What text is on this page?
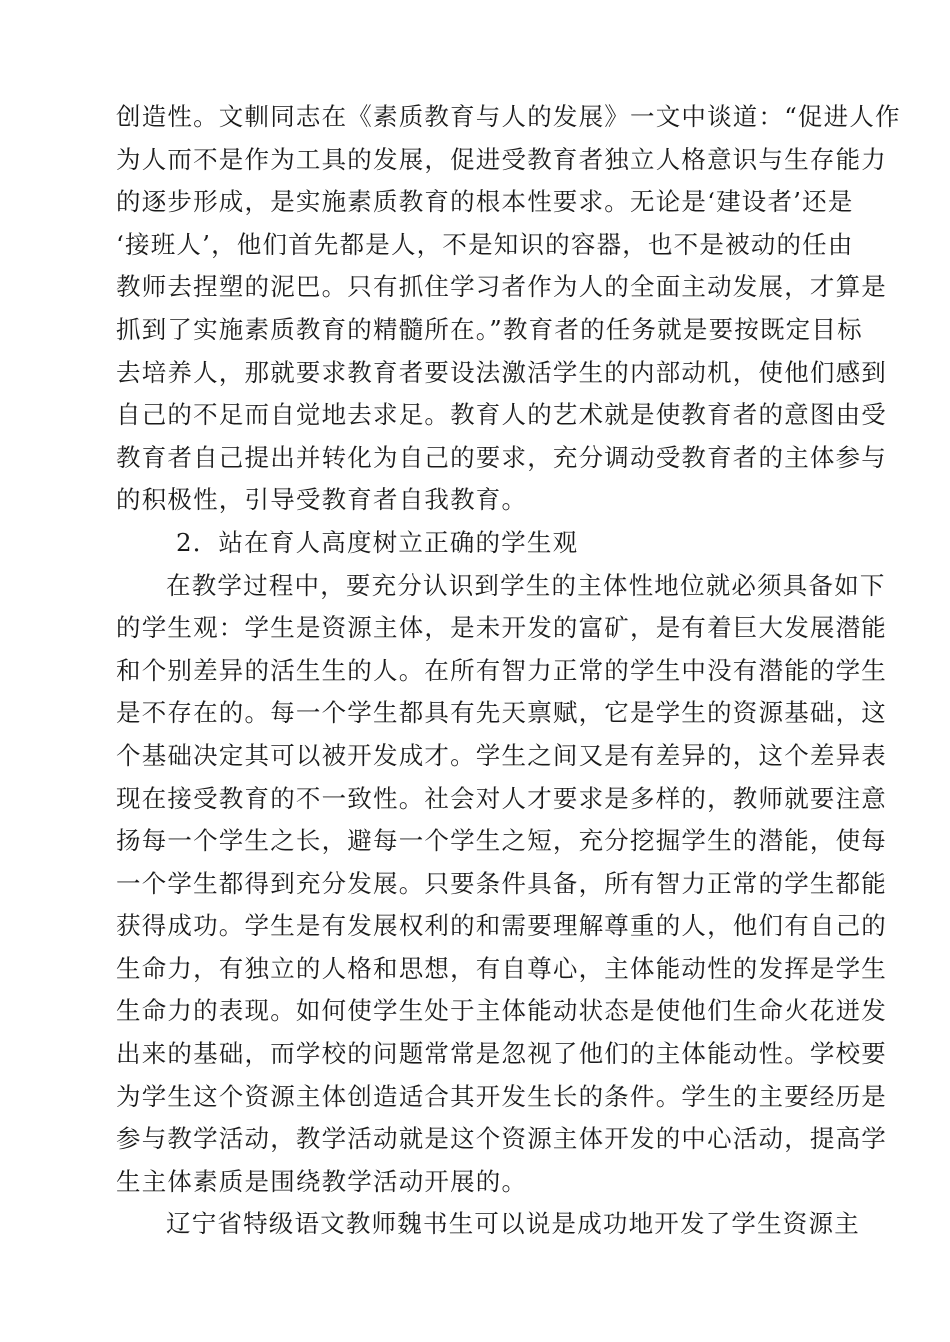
创造性。文䡅同志在《素质教育与人的发展》一文中谈道：“促进人作
为人而不是作为工具的发展，促进受教育者独立人格意识与生存能力
的逐步形成，是实施素质教育的根本性要求。无论是‘建设者’还是
‘接班人’，他们首先都是人，不是知识的容器，也不是被动的任由
教师去捏塑的泥巴。只有抓住学习者作为人的全面主动发展，才算是
抓到了实施素质教育的精髓所在。”教育者的任务就是要按既定目标
去培养人，那就要求教育者要设法激活学生的内部动机，使他们感到
自己的不足而自觉地去求足。教育人的艺术就是使教育者的意图由受
教育者自己提出并转化为自己的要求，充分调动受教育者的主体参与
的积极性，引导受教育者自我教育。
2．站在育人高度树立正确的学生观
在教学过程中，要充分认识到学生的主体性地位就必须具备如下
的学生观：学生是资源主体，是未开发的富矿，是有着巨大发展潜能
和个别差异的活生生的人。在所有智力正常的学生中没有潜能的学生
是不存在的。每一个学生都具有先天禀赋，它是学生的资源基础，这
个基础决定其可以被开发成才。学生之间又是有差异的，这个差异表
现在接受教育的不一致性。社会对人才要求是多样的，教师就要注意
扬每一个学生之长，避每一个学生之短，充分挖掘学生的潜能，使每
一个学生都得到充分发展。只要条件具备，所有智力正常的学生都能
获得成功。学生是有发展权利的和需要理解尊重的人，他们有自己的
生命力，有独立的人格和思想，有自尊心，主体能动性的发挥是学生
生命力的表现。如何使学生处于主体能动状态是使他们生命火花迸发
出来的基础，而学校的问题常常是忽视了他们的主体能动性。学校要
为学生这个资源主体创造适合其开发生长的条件。学生的主要经历是
参与教学活动，教学活动就是这个资源主体开发的中心活动，提高学
生主体素质是围绕教学活动开展的。
辽宁省特级语文教师魏书生可以说是成功地开发了学生资源主
